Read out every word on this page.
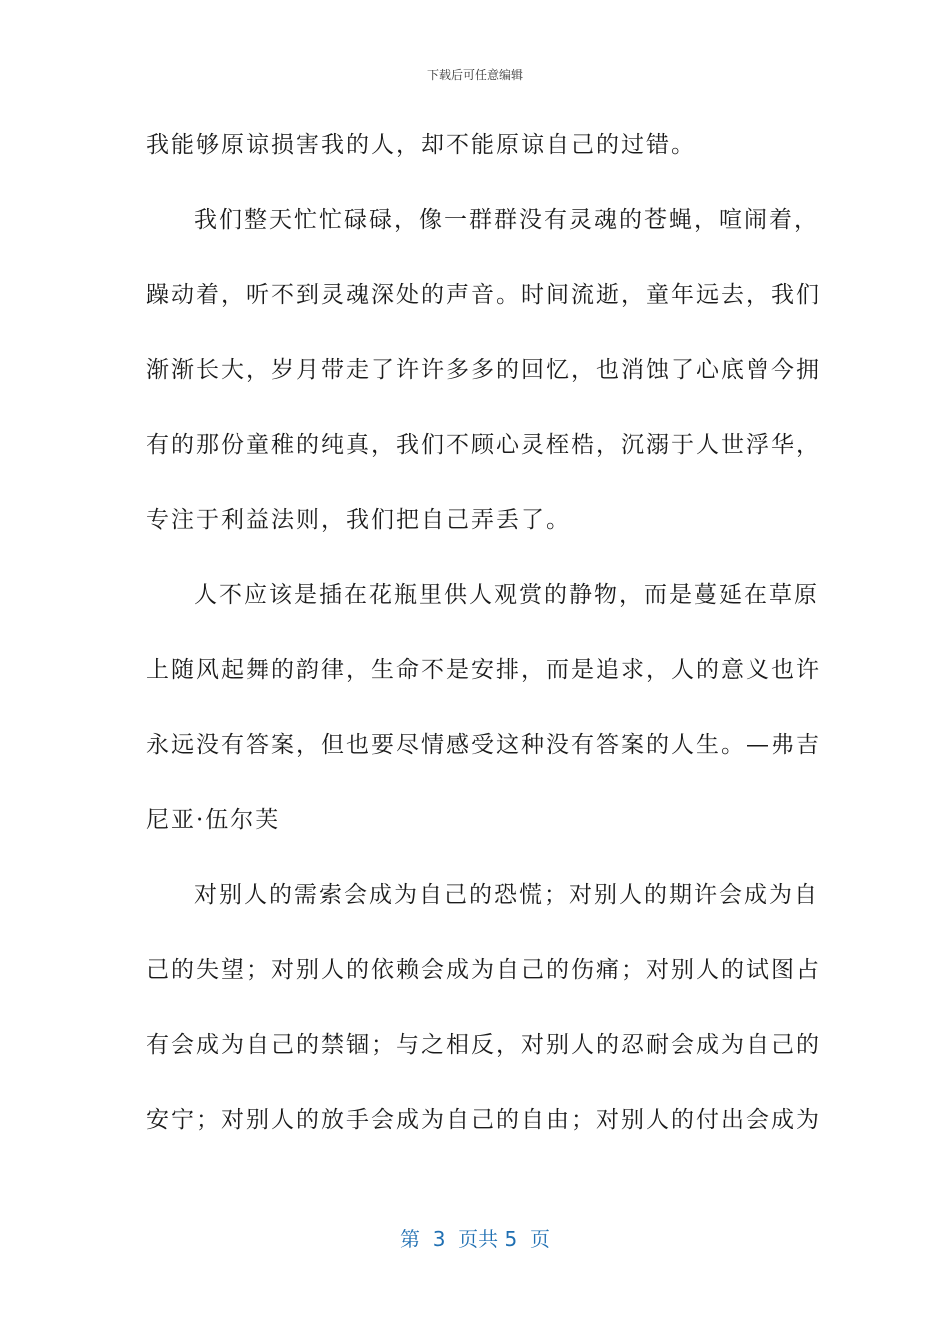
下载后可任意编辑
我能够原谅损害我的人，却不能原谅自己的过错。
我们整天忙忙碌碌，像一群群没有灵魂的苍蝇，喧闹着，
躁动着，听不到灵魂深处的声音。时间流逝，童年远去，我们
渐渐长大，岁月带走了许许多多的回忆，也消蚀了心底曾今拥
有的那份童稚的纯真，我们不顾心灵桎梏，沉溺于人世浮华，
专注于利益法则，我们把自己弄丢了。
人不应该是插在花瓶里供人观赏的静物，而是蔓延在草原
上随风起舞的韵律，生命不是安排，而是追求，人的意义也许
永远没有答案，但也要尽情感受这种没有答案的人生。—弗吉
尼亚·伍尔芙
对别人的需索会成为自己的恐慌；对别人的期许会成为自
己的失望；对别人的依赖会成为自己的伤痛；对别人的试图占
有会成为自己的禁锢；与之相反，对别人的忍耐会成为自己的
安宁；对别人的放手会成为自己的自由；对别人的付出会成为
第  3  页共 5  页
